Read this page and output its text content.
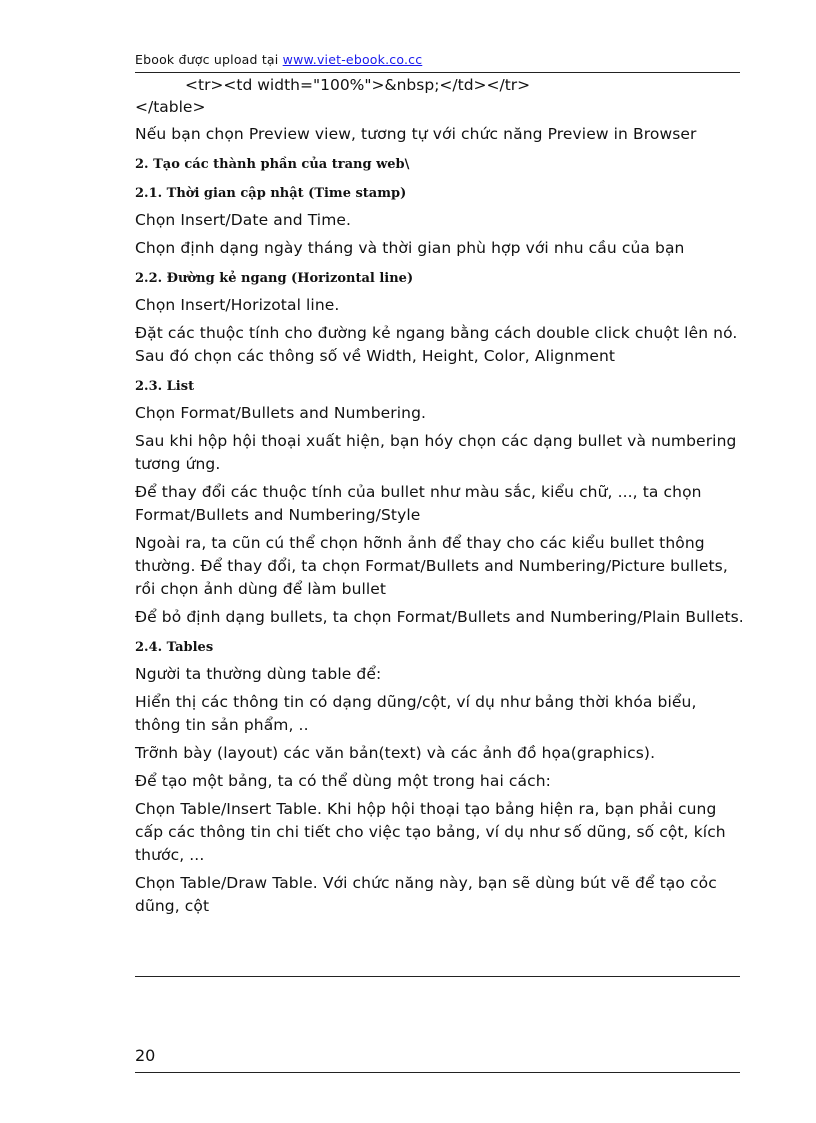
Ebook được upload tại www.viet-ebook.co.cc
<tr><td width="100%">&nbsp;</td></tr>
</table>

Nếu bạn chọn Preview view, tương tự với chức năng Preview in Browser

2. Tạo các thành phần của trang web\
2.1. Thời gian cập nhật (Time stamp)

Chọn Insert/Date and Time.

Chọn định dạng ngày tháng và thời gian phù hợp với nhu cầu của bạn

2.2. Đường kẻ ngang (Horizontal line)

Chọn Insert/Horizotal line.

Đặt các thuộc tính cho đường kẻ ngang bằng cách double click chuột lên nó. Sau đó chọn các thông số về Width, Height, Color, Alignment

2.3. List

Chọn Format/Bullets and Numbering.

Sau khi hộp hội thoại xuất hiện, bạn hóy chọn các dạng bullet và numbering tương ứng.

Để thay đổi các thuộc tính của bullet như màu sắc, kiểu chữ, ..., ta chọn Format/Bullets and Numbering/Style

Ngoài ra, ta cũn cú thể chọn hỡnh ảnh để thay cho các kiểu bullet thông thường. Để thay đổi, ta chọn Format/Bullets and Numbering/Picture bullets, rồi chọn ảnh dùng để làm bullet

Để bỏ định dạng bullets, ta chọn Format/Bullets and Numbering/Plain Bullets.

2.4. Tables

Người ta thường dùng table để:

Hiển thị các thông tin có dạng dũng/cột, ví dụ như bảng thời khóa biểu, thông tin sản phẩm, ..

Trỡnh bày (layout) các văn bản(text) và các ảnh đồ họa(graphics).

Để tạo một bảng, ta có thể dùng một trong hai cách:

Chọn Table/Insert Table. Khi hộp hội thoại tạo bảng hiện ra, bạn phải cung cấp các thông tin chi tiết cho việc tạo bảng, ví dụ như số dũng, số cột, kích thước, ...

Chọn Table/Draw Table. Với chức năng này, bạn sẽ dùng bút vẽ để tạo cỏc dũng, cột

20
